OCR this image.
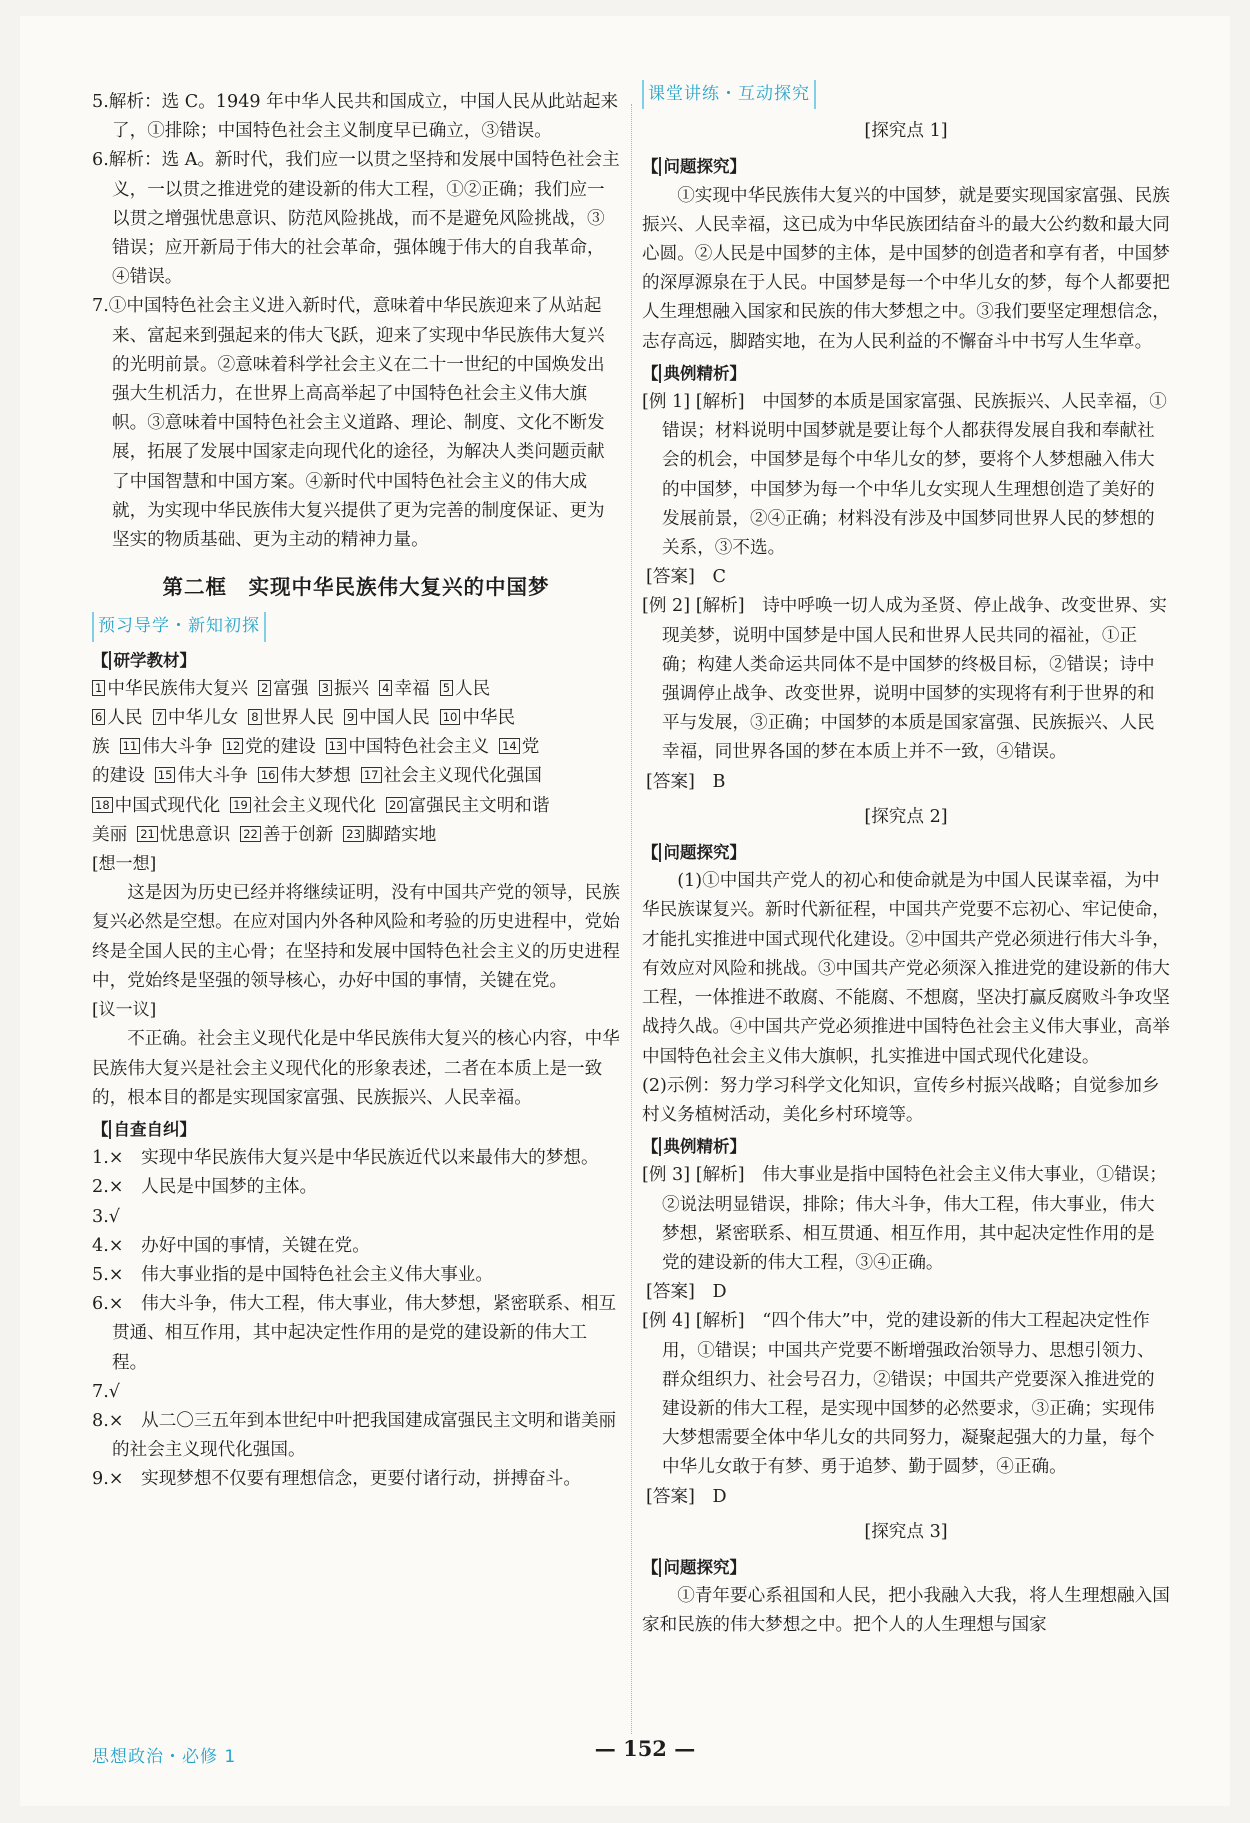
5.解析：选 C。1949 年中华人民共和国成立，中国人民从此站起来了，①排除；中国特色社会主义制度早已确立，③错误。

6.解析：选 A。新时代，我们应一以贯之坚持和发展中国特色社会主义，一以贯之推进党的建设新的伟大工程，①②正确；我们应一以贯之增强忧患意识、防范风险挑战，而不是避免风险挑战，③错误；应开新局于伟大的社会革命，强体魄于伟大的自我革命，④错误。

7.①中国特色社会主义进入新时代，意味着中华民族迎来了从站起来、富起来到强起来的伟大飞跃，迎来了实现中华民族伟大复兴的光明前景。②意味着科学社会主义在二十一世纪的中国焕发出强大生机活力，在世界上高高举起了中国特色社会主义伟大旗帜。③意味着中国特色社会主义道路、理论、制度、文化不断发展，拓展了发展中国家走向现代化的途径，为解决人类问题贡献了中国智慧和中国方案。④新时代中国特色社会主义的伟大成就，为实现中华民族伟大复兴提供了更为完善的制度保证、更为坚实的物质基础、更为主动的精神力量。

第二框　实现中华民族伟大复兴的中国梦
预习导学・新知初探
【 研学教材】
1 中华民族伟大复兴 2 富强 3 振兴 4 幸福 5 人民
6 人民 7 中华儿女 8 世界人民 9 中国人民 10 中华民
族 11 伟大斗争 12 党的建设 13 中国特色社会主义 14 党
的建设 15 伟大斗争 16 伟大梦想 17 社会主义现代化强国
18 中国式现代化 19 社会主义现代化 20 富强民主文明和谐
美丽 21 忧患意识 22 善于创新 23 脚踏实地
[想一想]

这是因为历史已经并将继续证明，没有中国共产党的领导，民族复兴必然是空想。在应对国内外各种风险和考验的历史进程中，党始终是全国人民的主心骨；在坚持和发展中国特色社会主义的历史进程中，党始终是坚强的领导核心，办好中国的事情，关键在党。

[议一议]

不正确。社会主义现代化是中华民族伟大复兴的核心内容，中华民族伟大复兴是社会主义现代化的形象表述，二者在本质上是一致的，根本目的都是实现国家富强、民族振兴、人民幸福。

【 自查自纠】

1.×　实现中华民族伟大复兴是中华民族近代以来最伟大的梦想。

2.×　人民是中国梦的主体。

3.√

4.×　办好中国的事情，关键在党。

5.×　伟大事业指的是中国特色社会主义伟大事业。

6.×　伟大斗争，伟大工程，伟大事业，伟大梦想，紧密联系、相互贯通、相互作用，其中起决定性作用的是党的建设新的伟大工程。

7.√

8.×　从二〇三五年到本世纪中叶把我国建成富强民主文明和谐美丽的社会主义现代化强国。

9.×　实现梦想不仅要有理想信念，更要付诸行动，拼搏奋斗。

课堂讲练・互动探究
[探究点 1]
【 问题探究】

①实现中华民族伟大复兴的中国梦，就是要实现国家富强、民族振兴、人民幸福，这已成为中华民族团结奋斗的最大公约数和最大同心圆。②人民是中国梦的主体，是中国梦的创造者和享有者，中国梦的深厚源泉在于人民。中国梦是每一个中华儿女的梦，每个人都要把人生理想融入国家和民族的伟大梦想之中。③我们要坚定理想信念，志存高远，脚踏实地，在为人民利益的不懈奋斗中书写人生华章。

【 典例精析】

[例 1] [解析]　中国梦的本质是国家富强、民族振兴、人民幸福，①错误；材料说明中国梦就是要让每个人都获得发展自我和奉献社会的机会，中国梦是每个中华儿女的梦，要将个人梦想融入伟大的中国梦，中国梦为每一个中华儿女实现人生理想创造了美好的发展前景，②④正确；材料没有涉及中国梦同世界人民的梦想的关系，③不选。

[答案]　C

[例 2] [解析]　诗中呼唤一切人成为圣贤、停止战争、改变世界、实现美梦，说明中国梦是中国人民和世界人民共同的福祉，①正确；构建人类命运共同体不是中国梦的终极目标，②错误；诗中强调停止战争、改变世界，说明中国梦的实现将有利于世界的和平与发展，③正确；中国梦的本质是国家富强、民族振兴、人民幸福，同世界各国的梦在本质上并不一致，④错误。

[答案]　B

[探究点 2]
【 问题探究】

(1)①中国共产党人的初心和使命就是为中国人民谋幸福，为中华民族谋复兴。新时代新征程，中国共产党要不忘初心、牢记使命，才能扎实推进中国式现代化建设。②中国共产党必须进行伟大斗争，有效应对风险和挑战。③中国共产党必须深入推进党的建设新的伟大工程，一体推进不敢腐、不能腐、不想腐，坚决打赢反腐败斗争攻坚战持久战。④中国共产党必须推进中国特色社会主义伟大事业，高举中国特色社会主义伟大旗帜，扎实推进中国式现代化建设。

(2)示例：努力学习科学文化知识，宣传乡村振兴战略；自觉参加乡村义务植树活动，美化乡村环境等。

【 典例精析】

[例 3] [解析]　伟大事业是指中国特色社会主义伟大事业，①错误；②说法明显错误，排除；伟大斗争，伟大工程，伟大事业，伟大梦想，紧密联系、相互贯通、相互作用，其中起决定性作用的是党的建设新的伟大工程，③④正确。

[答案]　D

[例 4] [解析]　“四个伟大”中，党的建设新的伟大工程起决定性作用，①错误；中国共产党要不断增强政治领导力、思想引领力、群众组织力、社会号召力，②错误；中国共产党要深入推进党的建设新的伟大工程，是实现中国梦的必然要求，③正确；实现伟大梦想需要全体中华儿女的共同努力，凝聚起强大的力量，每个中华儿女敢于有梦、勇于追梦、勤于圆梦，④正确。

[答案]　D

[探究点 3]
【 问题探究】

①青年要心系祖国和人民，把小我融入大我，将人生理想融入国家和民族的伟大梦想之中。把个人的人生理想与国家

思想政治・必修 1	— 152 —
